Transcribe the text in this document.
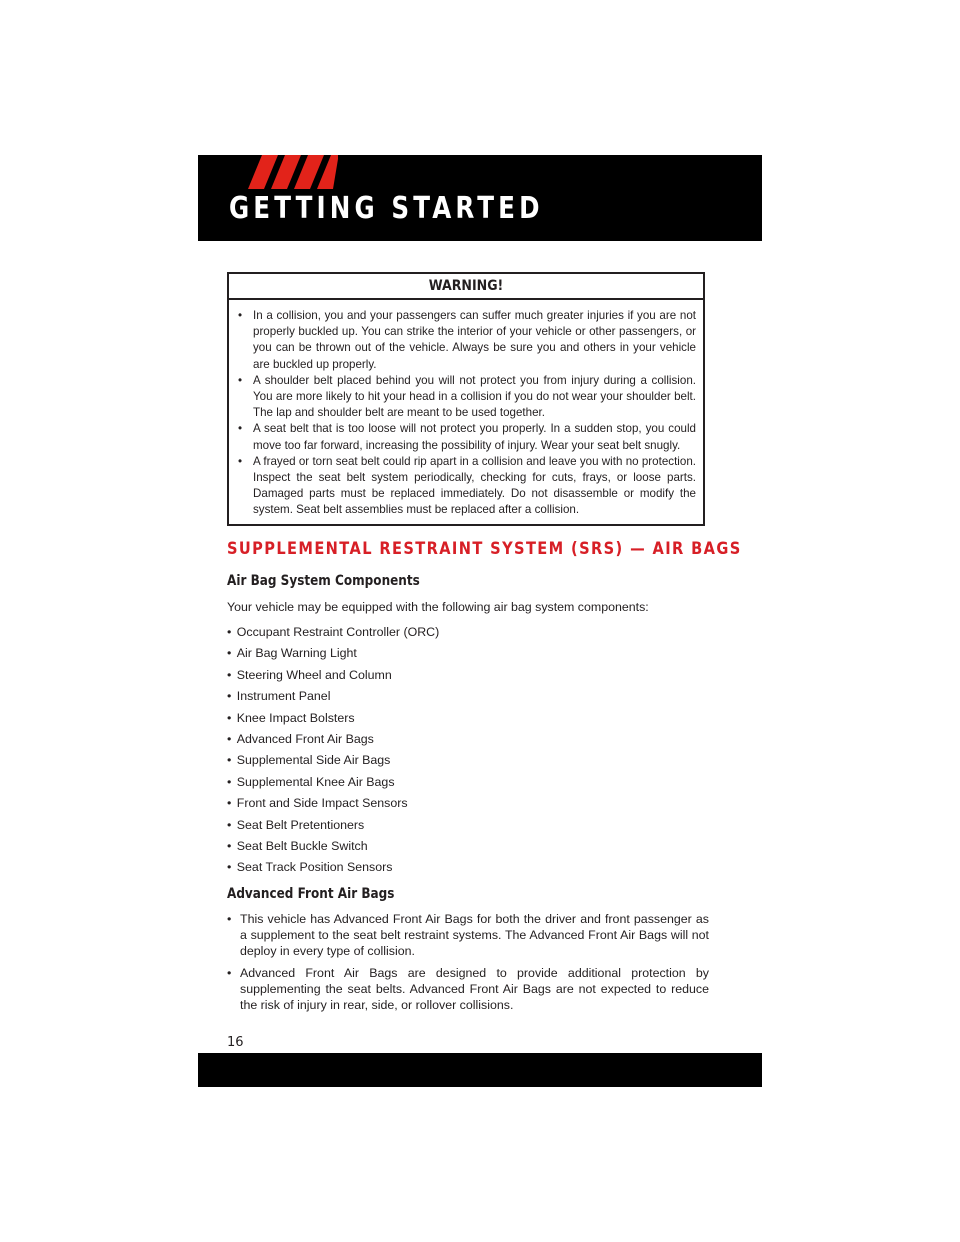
GETTING STARTED
WARNING!
• In a collision, you and your passengers can suffer much greater injuries if you are not properly buckled up. You can strike the interior of your vehicle or other passengers, or you can be thrown out of the vehicle. Always be sure you and others in your vehicle are buckled up properly.
• A shoulder belt placed behind you will not protect you from injury during a collision. You are more likely to hit your head in a collision if you do not wear your shoulder belt. The lap and shoulder belt are meant to be used together.
• A seat belt that is too loose will not protect you properly. In a sudden stop, you could move too far forward, increasing the possibility of injury. Wear your seat belt snugly.
• A frayed or torn seat belt could rip apart in a collision and leave you with no protection. Inspect the seat belt system periodically, checking for cuts, frays, or loose parts. Damaged parts must be replaced immediately. Do not disassemble or modify the system. Seat belt assemblies must be replaced after a collision.
SUPPLEMENTAL RESTRAINT SYSTEM (SRS) — AIR BAGS
Air Bag System Components
Your vehicle may be equipped with the following air bag system components:
• Occupant Restraint Controller (ORC)
• Air Bag Warning Light
• Steering Wheel and Column
• Instrument Panel
• Knee Impact Bolsters
• Advanced Front Air Bags
• Supplemental Side Air Bags
• Supplemental Knee Air Bags
• Front and Side Impact Sensors
• Seat Belt Pretentioners
• Seat Belt Buckle Switch
• Seat Track Position Sensors
Advanced Front Air Bags
• This vehicle has Advanced Front Air Bags for both the driver and front passenger as a supplement to the seat belt restraint systems. The Advanced Front Air Bags will not deploy in every type of collision.
• Advanced Front Air Bags are designed to provide additional protection by supplementing the seat belts. Advanced Front Air Bags are not expected to reduce the risk of injury in rear, side, or rollover collisions.
16
